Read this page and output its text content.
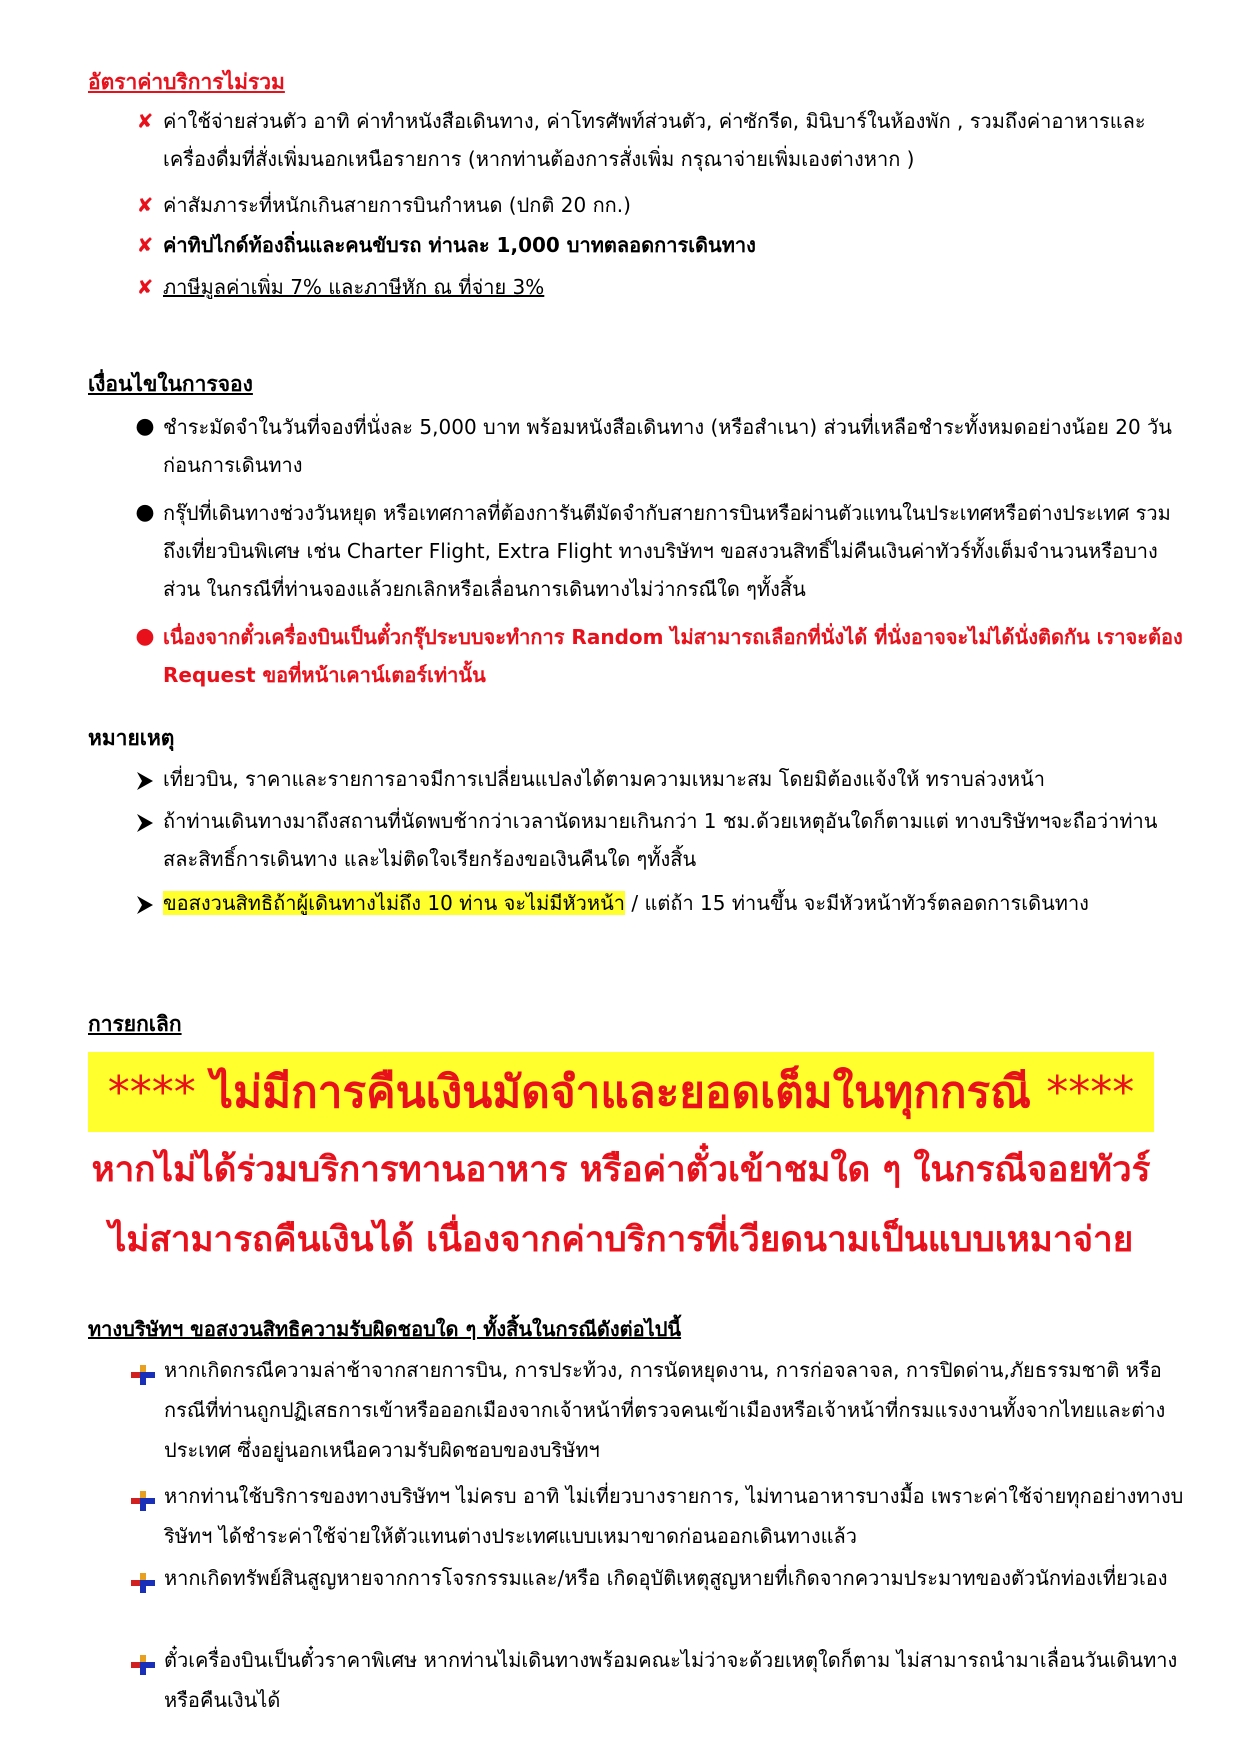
อัตราค่าบริการไม่รวม
✘ ค่าใช้จ่ายส่วนตัว อาทิ ค่าทำหนังสือเดินทาง, ค่าโทรศัพท์ส่วนตัว, ค่าซักรีด, มินิบาร์ในห้องพัก , รวมถึงค่าอาหารและเครื่องดื่มที่สั่งเพิ่มนอกเหนือรายการ (หากท่านต้องการสั่งเพิ่ม กรุณาจ่ายเพิ่มเองต่างหาก )
✘ ค่าสัมภาระที่หนักเกินสายการบินกำหนด (ปกติ 20 กก.)
✘ ค่าทิปไกด์ท้องถิ่นและคนขับรถ ท่านละ 1,000 บาทตลอดการเดินทาง
✘ ภาษีมูลค่าเพิ่ม 7% และภาษีหัก ณ ที่จ่าย 3%
เงื่อนไขในการจอง
● ชำระมัดจำในวันที่จองที่นั่งละ 5,000 บาท พร้อมหนังสือเดินทาง (หรือสำเนา) ส่วนที่เหลือชำระทั้งหมดอย่างน้อย 20 วันก่อนการเดินทาง
● กรุ๊ปที่เดินทางช่วงวันหยุด หรือเทศกาลที่ต้องการันตีมัดจำกับสายการบินหรือผ่านตัวแทนในประเทศหรือต่างประเทศ รวมถึงเที่ยวบินพิเศษ เช่น Charter Flight, Extra Flight ทางบริษัทฯ ขอสงวนสิทธิ์ไม่คืนเงินค่าทัวร์ทั้งเต็มจำนวนหรือบางส่วน ในกรณีที่ท่านจองแล้วยกเลิกหรือเลื่อนการเดินทางไม่ว่ากรณีใด ๆทั้งสิ้น
● เนื่องจากตั๋วเครื่องบินเป็นตั๋วกรุ๊ประบบจะทำการ Random ไม่สามารถเลือกที่นั่งได้ ที่นั่งอาจจะไม่ได้นั่งติดกัน เราจะต้อง Request ขอที่หน้าเคาน์เตอร์เท่านั้น
หมายเหตุ
เที่ยวบิน, ราคาและรายการอาจมีการเปลี่ยนแปลงได้ตามความเหมาะสม โดยมิต้องแจ้งให้ ทราบล่วงหน้า
ถ้าท่านเดินทางมาถึงสถานที่นัดพบช้ากว่าเวลานัดหมายเกินกว่า 1 ชม.ด้วยเหตุอันใดก็ตามแต่ ทางบริษัทฯจะถือว่าท่านสละสิทธิ์การเดินทาง และไม่ติดใจเรียกร้องขอเงินคืนใด ๆทั้งสิ้น
ขอสงวนสิทธิถ้าผู้เดินทางไม่ถึง 10 ท่าน จะไม่มีหัวหน้า / แต่ถ้า 15 ท่านขึ้น จะมีหัวหน้าทัวร์ตลอดการเดินทาง
การยกเลิก
**** ไม่มีการคืนเงินมัดจำและยอดเต็มในทุกกรณี ****
หากไม่ได้ร่วมบริการทานอาหาร หรือค่าตั๋วเข้าชมใด ๆ ในกรณีจอยทัวร์
ไม่สามารถคืนเงินได้ เนื่องจากค่าบริการที่เวียดนามเป็นแบบเหมาจ่าย
ทางบริษัทฯ ขอสงวนสิทธิความรับผิดชอบใด ๆ ทั้งสิ้นในกรณีดังต่อไปนี้
หากเกิดกรณีความล่าช้าจากสายการบิน, การประท้วง, การนัดหยุดงาน, การก่อจลาจล, การปิดด่าน,ภัยธรรมชาติ หรือกรณีที่ท่านถูกปฏิเสธการเข้าหรือออกเมืองจากเจ้าหน้าที่ตรวจคนเข้าเมืองหรือเจ้าหน้าที่กรมแรงงานทั้งจากไทยและต่างประเทศ ซึ่งอยู่นอกเหนือความรับผิดชอบของบริษัทฯ
หากท่านใช้บริการของทางบริษัทฯ ไม่ครบ อาทิ ไม่เที่ยวบางรายการ, ไม่ทานอาหารบางมื้อ เพราะค่าใช้จ่ายทุกอย่างทางบริษัทฯ ได้ชำระค่าใช้จ่ายให้ตัวแทนต่างประเทศแบบเหมาขาดก่อนออกเดินทางแล้ว
หากเกิดทรัพย์สินสูญหายจากการโจรกรรมและ/หรือ เกิดอุบัติเหตุสูญหายที่เกิดจากความประมาทของตัวนักท่องเที่ยวเอง
ตั๋วเครื่องบินเป็นตั๋วราคาพิเศษ หากท่านไม่เดินทางพร้อมคณะไม่ว่าจะด้วยเหตุใดก็ตาม ไม่สามารถนำมาเลื่อนวันเดินทางหรือคืนเงินได้
